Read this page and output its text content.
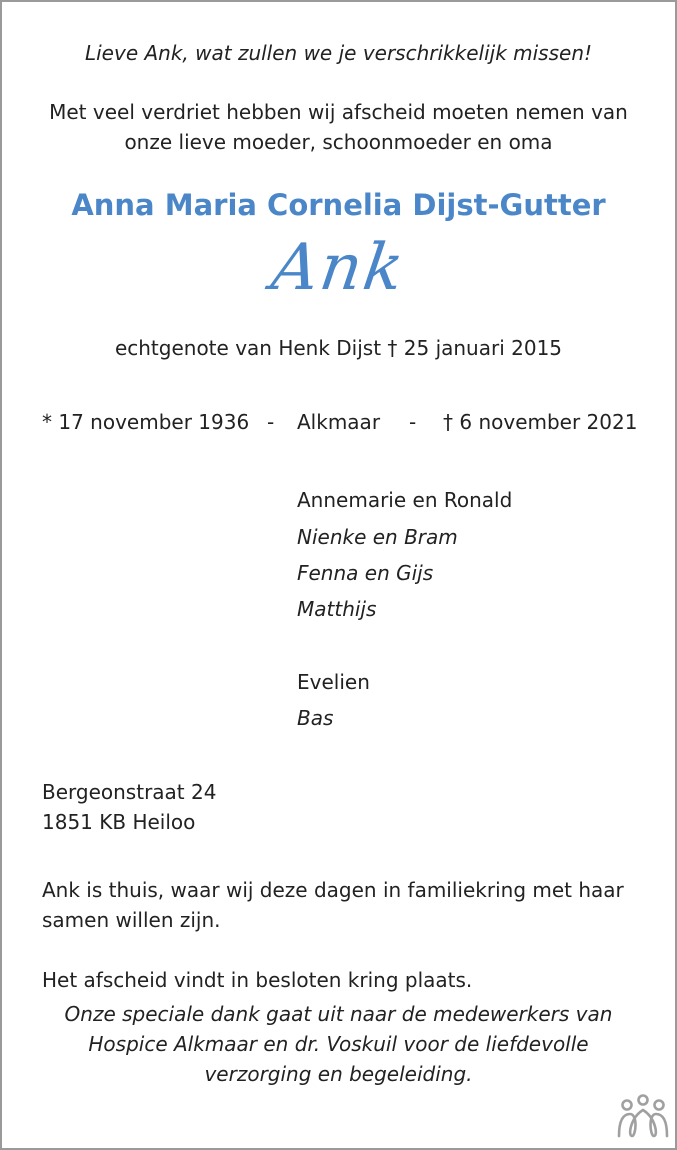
Lieve Ank, wat zullen we je verschrikkelijk missen!
Met veel verdriet hebben wij afscheid moeten nemen van
onze lieve moeder, schoonmoeder en oma
Anna Maria Cornelia Dijst-Gutter
Ank
echtgenote van Henk Dijst † 25 januari 2015
* 17 november 1936 - Alkmaar - † 6 november 2021
Annemarie en Ronald
Nienke en Bram
Fenna en Gijs
Matthijs
Evelien
Bas
Bergeonstraat 24
1851 KB Heiloo
Ank is thuis, waar wij deze dagen in familiekring met haar
samen willen zijn.
Het afscheid vindt in besloten kring plaats.
Onze speciale dank gaat uit naar de medewerkers van
Hospice Alkmaar en dr. Voskuil voor de liefdevolle
verzorging en begeleiding.
